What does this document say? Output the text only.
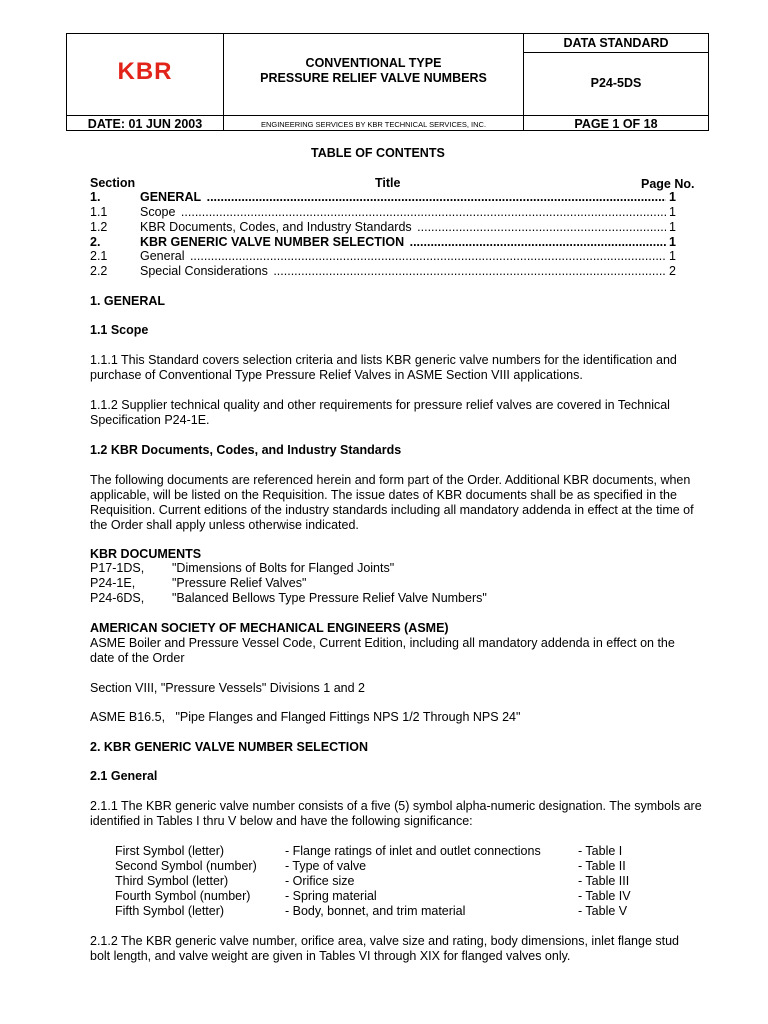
KBR	CONVENTIONAL TYPE
PRESSURE RELIEF VALVE NUMBERS
DATA STANDARD
P24-5DS
DATE: 01 JUN 2003	ENGINEERING SERVICES BY KBR TECHNICAL SERVICES, INC.	PAGE 1 OF 18
TABLE OF CONTENTS
Section	Title	Page No.
1.	GENERAL .....	1
1.1	Scope .....	1
1.2	KBR Documents, Codes, and Industry Standards .....	1
2.	KBR GENERIC VALVE NUMBER SELECTION .....	1
2.1	General .....	1
2.2	Special Considerations .....	2
1. GENERAL
1.1 Scope
1.1.1 This Standard covers selection criteria and lists KBR generic valve numbers for the identification and purchase of Conventional Type Pressure Relief Valves in ASME Section VIII applications.
1.1.2 Supplier technical quality and other requirements for pressure relief valves are covered in Technical Specification P24-1E.
1.2 KBR Documents, Codes, and Industry Standards
The following documents are referenced herein and form part of the Order. Additional KBR documents, when applicable, will be listed on the Requisition. The issue dates of KBR documents shall be as specified in the Requisition. Current editions of the industry standards including all mandatory addenda in effect at the time of the Order shall apply unless otherwise indicated.
KBR DOCUMENTS
P17-1DS, "Dimensions of Bolts for Flanged Joints"
P24-1E,	"Pressure Relief Valves"
P24-6DS, "Balanced Bellows Type Pressure Relief Valve Numbers"
AMERICAN SOCIETY OF MECHANICAL ENGINEERS (ASME)
ASME Boiler and Pressure Vessel Code, Current Edition, including all mandatory addenda in effect on the date of the Order
Section VIII, "Pressure Vessels" Divisions 1 and 2
ASME B16.5,   "Pipe Flanges and Flanged Fittings NPS 1/2 Through NPS 24"
2. KBR GENERIC VALVE NUMBER SELECTION
2.1 General
2.1.1 The KBR generic valve number consists of a five (5) symbol alpha-numeric designation. The symbols are identified in Tables I thru V below and have the following significance:
First Symbol (letter)	- Flange ratings of inlet and outlet connections	- Table I
Second Symbol (number) - Type of valve	- Table II
Third Symbol (letter)	- Orifice size	- Table III
Fourth Symbol (number)	- Spring material	- Table IV
Fifth Symbol (letter)	- Body, bonnet, and trim material	- Table V
2.1.2 The KBR generic valve number, orifice area, valve size and rating, body dimensions, inlet flange stud bolt length, and valve weight are given in Tables VI through XIX for flanged valves only.
